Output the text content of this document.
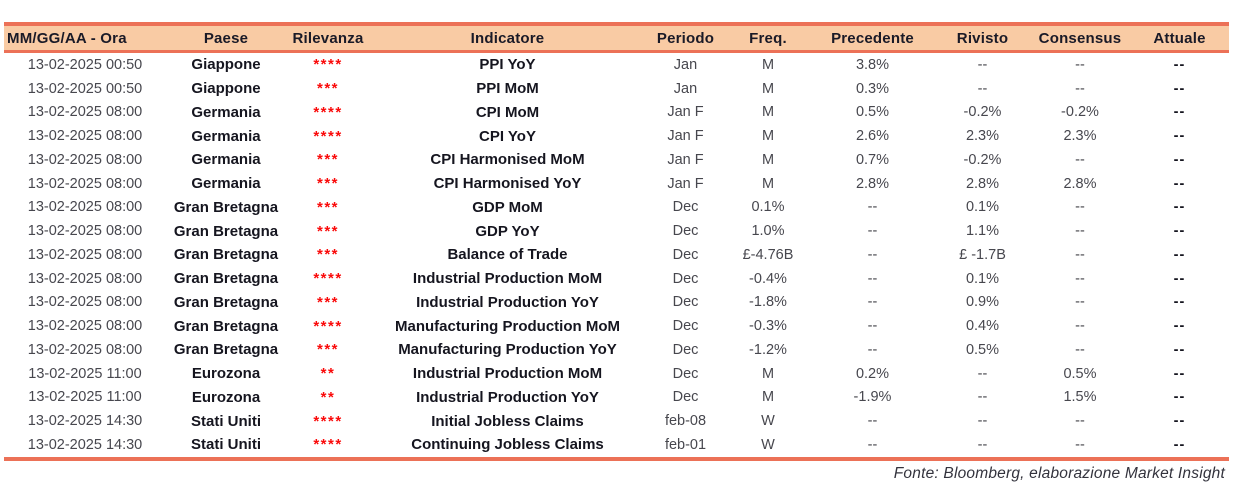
MM/GG/AA - Ora	Paese	Rilevanza	Indicatore	Periodo	Freq.	Precedente	Rivisto	Consensus	Attuale
13-02-2025 00:50	Giappone	****	PPI YoY	Jan	M	3.8%	--	--	--
13-02-2025 00:50	Giappone	***	PPI MoM	Jan	M	0.3%	--	--	--
13-02-2025 08:00	Germania	****	CPI MoM	Jan F	M	0.5%	-0.2%	-0.2%	--
13-02-2025 08:00	Germania	****	CPI YoY	Jan F	M	2.6%	2.3%	2.3%	--
13-02-2025 08:00	Germania	***	CPI Harmonised MoM	Jan F	M	0.7%	-0.2%	--	--
13-02-2025 08:00	Germania	***	CPI Harmonised YoY	Jan F	M	2.8%	2.8%	2.8%	--
13-02-2025 08:00	Gran Bretagna	***	GDP MoM	Dec	0.1%	--	0.1%	--	--
13-02-2025 08:00	Gran Bretagna	***	GDP YoY	Dec	1.0%	--	1.1%	--	--
13-02-2025 08:00	Gran Bretagna	***	Balance of Trade	Dec	£-4.76B	--	£ -1.7B	--	--
13-02-2025 08:00	Gran Bretagna	****	Industrial Production MoM	Dec	-0.4%	--	0.1%	--	--
13-02-2025 08:00	Gran Bretagna	***	Industrial Production YoY	Dec	-1.8%	--	0.9%	--	--
13-02-2025 08:00	Gran Bretagna	****	Manufacturing Production MoM	Dec	-0.3%	--	0.4%	--	--
13-02-2025 08:00	Gran Bretagna	***	Manufacturing Production YoY	Dec	-1.2%	--	0.5%	--	--
13-02-2025 11:00	Eurozona	**	Industrial Production MoM	Dec	M	0.2%	--	0.5%	--
13-02-2025 11:00	Eurozona	**	Industrial Production YoY	Dec	M	-1.9%	--	1.5%	--
13-02-2025 14:30	Stati Uniti	****	Initial Jobless Claims	feb-08	W	--	--	--	--
13-02-2025 14:30	Stati Uniti	****	Continuing Jobless Claims	feb-01	W	--	--	--	--
Fonte: Bloomberg, elaborazione Market Insight
